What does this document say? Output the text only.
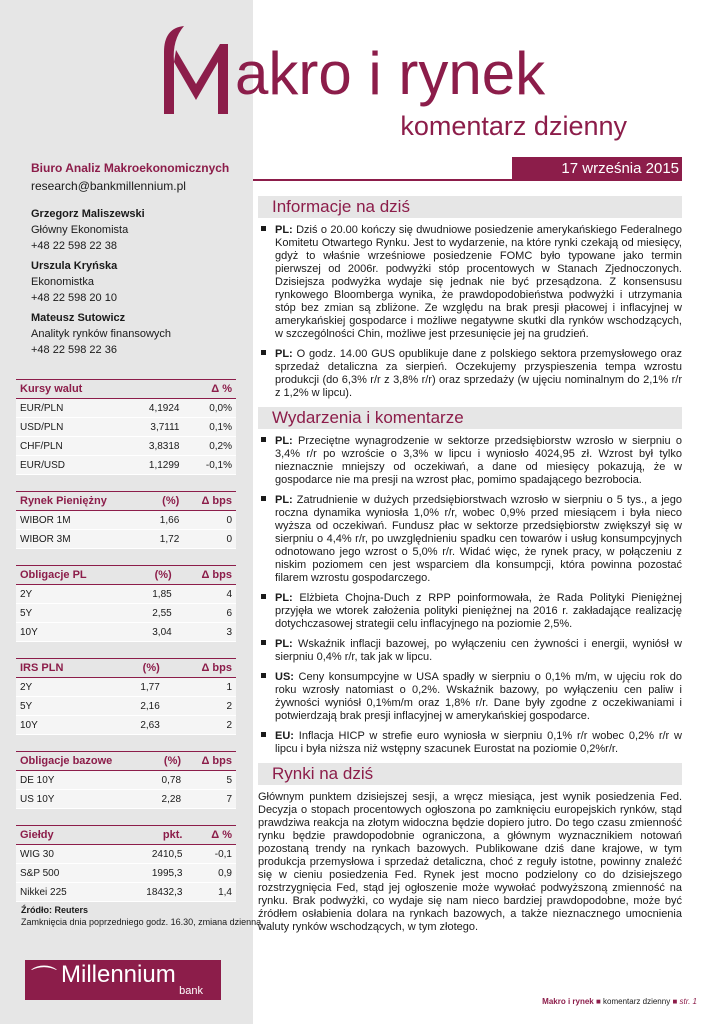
akro i rynek
komentarz dzienny
17 września 2015
Biuro Analiz Makroekonomicznych
research@bankmillennium.pl
Grzegorz Maliszewski
Główny Ekonomista
+48 22 598 22 38
Urszula Kryńska
Ekonomistka
+48 22 598 20 10
Mateusz Sutowicz
Analityk rynków finansowych
+48 22 598 22 36
Kursy walut		Δ %
EUR/PLN	4,1924	0,0%
USD/PLN	3,7111	0,1%
CHF/PLN	3,8318	0,2%
EUR/USD	1,1299	-0,1%
Rynek Pieniężny	(%)	Δ bps
WIBOR 1M	1,66	0
WIBOR 3M	1,72	0
Obligacje PL	(%)	Δ bps
2Y	1,85	4
5Y	2,55	6
10Y	3,04	3
IRS PLN	(%)	Δ bps
2Y	1,77	1
5Y	2,16	2
10Y	2,63	2
Obligacje bazowe	(%)	Δ bps
DE 10Y	0,78	5
US 10Y	2,28	7
Giełdy	pkt.	Δ %
WIG 30	2410,5	-0,1
S&P 500	1995,3	0,9
Nikkei 225	18432,3	1,4
Źródło: Reuters
Zamknięcia dnia poprzedniego godz. 16.30, zmiana dzienna
⌒ Millennium
bank
Informacje na dziś
PL: Dziś o 20.00 kończy się dwudniowe posiedzenie amerykańskiego Federalnego Komitetu Otwartego Rynku. Jest to wydarzenie, na które rynki czekają od miesięcy, gdyż to właśnie wrześniowe posiedzenie FOMC było typowane jako termin pierwszej od 2006r. podwyżki stóp procentowych w Stanach Zjednoczonych. Dzisiejsza podwyżka wydaje się jednak nie być przesądzona. Z konsensusu rynkowego Bloomberga wynika, że prawdopodobieństwa podwyżki i utrzymania stóp bez zmian są zbliżone. Ze względu na brak presji płacowej i inflacyjnej w amerykańskiej gospodarce i możliwe negatywne skutki dla rynków wschodzących, w szczególności Chin, możliwe jest przesunięcie jej na grudzień.
PL: O godz. 14.00 GUS opublikuje dane z polskiego sektora przemysłowego oraz sprzedaż detaliczna za sierpień. Oczekujemy przyspieszenia tempa wzrostu produkcji (do 6,3% r/r z 3,8% r/r) oraz sprzedaży (w ujęciu nominalnym do 2,1% r/r z 1,2% w lipcu).
Wydarzenia i komentarze
PL: Przeciętne wynagrodzenie w sektorze przedsiębiorstw wzrosło w sierpniu o 3,4% r/r po wzroście o 3,3% w lipcu i wyniosło 4024,95 zł. Wzrost był tylko nieznacznie mniejszy od oczekiwań, a dane od miesięcy pokazują, że w gospodarce nie ma presji na wzrost płac, pomimo spadającego bezrobocia.
PL: Zatrudnienie w dużych przedsiębiorstwach wzrosło w sierpniu o 5 tys., a jego roczna dynamika wyniosła 1,0% r/r, wobec 0,9% przed miesiącem i była nieco wyższa od oczekiwań. Fundusz płac w sektorze przedsiębiorstw zwiększył się w sierpniu o 4,4% r/r, po uwzględnieniu spadku cen towarów i usług konsumpcyjnych odnotowano jego wzrost o 5,0% r/r. Widać więc, że rynek pracy, w połączeniu z niskim poziomem cen jest wsparciem dla konsumpcji, która powinna pozostać filarem wzrostu gospodarczego.
PL: Elżbieta Chojna-Duch z RPP poinformowała, że Rada Polityki Pieniężnej przyjęła we wtorek założenia polityki pieniężnej na 2016 r. zakładające realizację dotychczasowej strategii celu inflacyjnego na poziomie 2,5%.
PL: Wskaźnik inflacji bazowej, po wyłączeniu cen żywności i energii, wyniósł w sierpniu 0,4% r/r, tak jak w lipcu.
US: Ceny konsumpcyjne w USA spadły w sierpniu o 0,1% m/m, w ujęciu rok do roku wzrosły natomiast o 0,2%. Wskaźnik bazowy, po wyłączeniu cen paliw i żywności wyniósł 0,1%m/m oraz 1,8% r/r. Dane były zgodne z oczekiwaniami i potwierdzają brak presji inflacyjnej w amerykańskiej gospodarce.
EU: Inflacja HICP w strefie euro wyniosła w sierpniu 0,1% r/r wobec 0,2% r/r w lipcu i była niższa niż wstępny szacunek Eurostat na poziomie 0,2%r/r.
Rynki na dziś
Głównym punktem dzisiejszej sesji, a wręcz miesiąca, jest wynik posiedzenia Fed. Decyzja o stopach procentowych ogłoszona po zamknięciu europejskich rynków, stąd prawdziwa reakcja na złotym widoczna będzie dopiero jutro. Do tego czasu zmienność rynku będzie prawdopodobnie ograniczona, a głównym wyznacznikiem notowań pozostaną trendy na rynkach bazowych. Publikowane dziś dane krajowe, w tym produkcja przemysłowa i sprzedaż detaliczna, choć z reguły istotne, powinny znaleźć się w cieniu posiedzenia Fed. Rynek jest mocno podzielony co do dzisiejszego rozstrzygnięcia Fed, stąd jej ogłoszenie może wywołać podwyższoną zmienność na rynku. Brak podwyżki, co wydaje się nam nieco bardziej prawdopodobne, może być źródłem osłabienia dolara na rynkach bazowych, a także nieznacznego umocnienia waluty rynków wschodzących, w tym złotego.
Makro i rynek ■ komentarz dzienny ■ str. 1
